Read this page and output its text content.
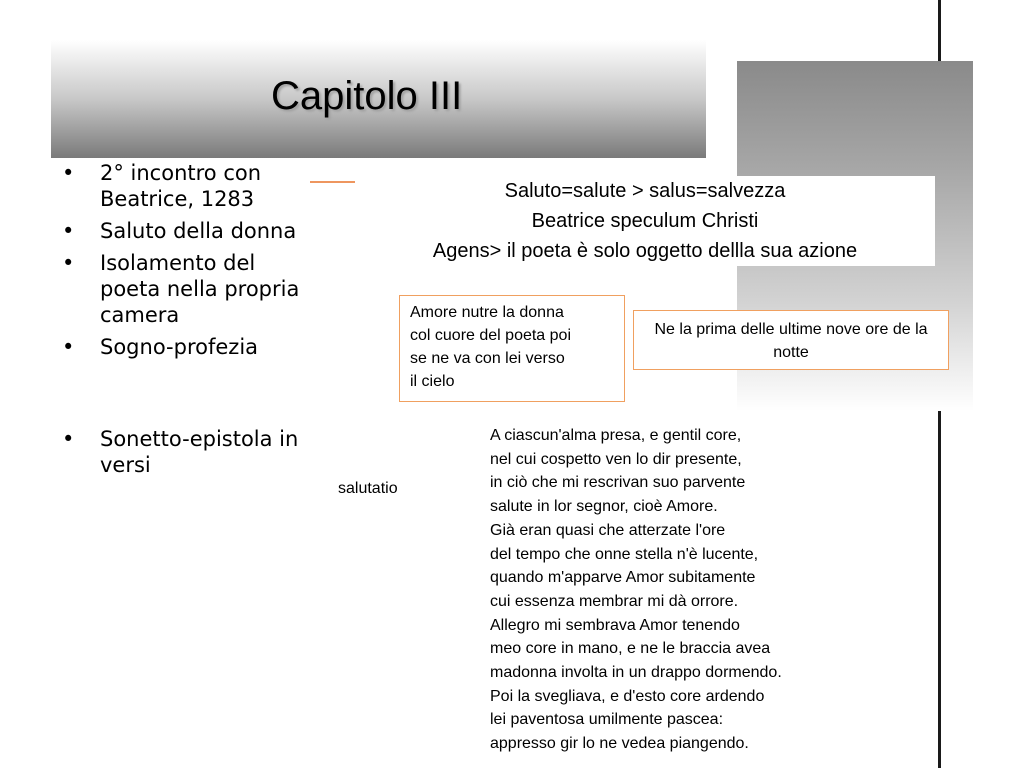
Capitolo III
• 2° incontro con Beatrice, 1283
• Saluto della donna
• Isolamento del poeta nella propria camera
• Sogno-profezia
• Sonetto-epistola in versi
Saluto=salute > salus=salvezza
Beatrice speculum Christi
Agens> il poeta è solo oggetto dellla sua azione
Amore nutre la donna
col cuore del poeta poi
se ne va con lei verso
il cielo
Ne la prima delle ultime nove ore de la notte
salutatio
A ciascun'alma presa, e gentil core,
nel cui cospetto ven lo dir presente,
in ciò che mi rescrivan suo parvente
salute in lor segnor, cioè Amore.
Già eran quasi che atterzate l'ore
del tempo che onne stella n'è lucente,
quando m'apparve Amor subitamente
cui essenza membrar mi dà orrore.
Allegro mi sembrava Amor tenendo
meo core in mano, e ne le braccia avea
madonna involta in un drappo dormendo.
Poi la svegliava, e d'esto core ardendo
lei paventosa umilmente pascea:
appresso gir lo ne vedea piangendo.
